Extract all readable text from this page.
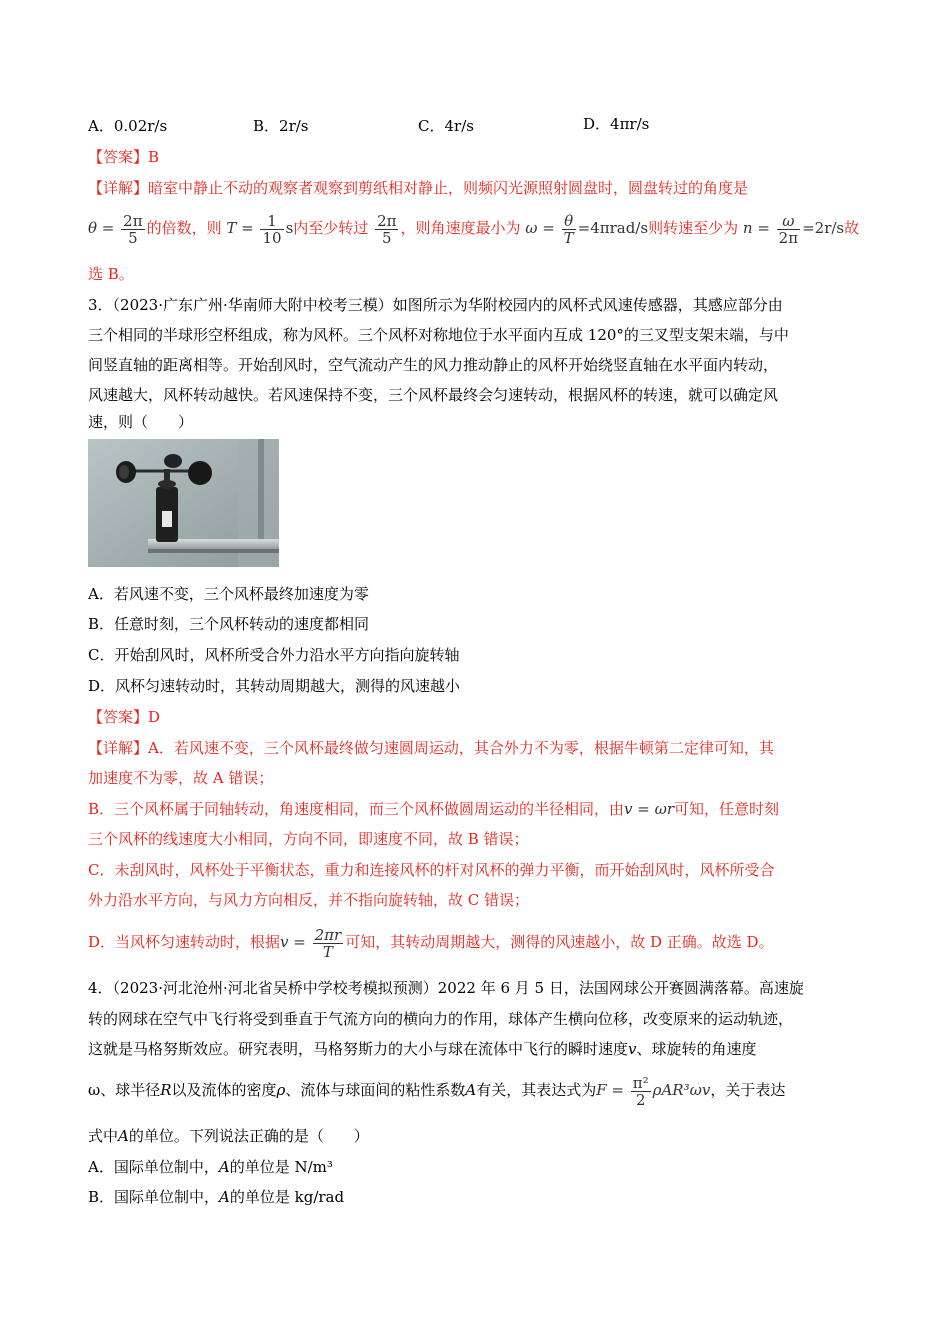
A．0.02r/s	B．2r/s	C．4r/s	D．4πr/s
【答案】B
【详解】暗室中静止不动的观察者观察到剪纸相对静止，则频闪光源照射圆盘时，圆盘转过的角度是
$\theta = \frac{2\pi}{5}$ 的倍数，则 $T = \frac{1}{10}$ s内至少转过 $\frac{2\pi}{5}$ ，则角速度最小为 $\omega = \frac{\theta}{T} =4\pi rad/s$则转速至少为 $n = \frac{\omega}{2\pi} =2r/s$故
选 B。
3．（2023·广东广州·华南师大附中校考三模）如图所示为华附校园内的风杯式风速传感器，其感应部分由
三个相同的半球形空杯组成，称为风杯。三个风杯对称地位于水平面内互成 120°的三叉型支架末端，与中
间竖直轴的距离相等。开始刮风时，空气流动产生的风力推动静止的风杯开始绕竖直轴在水平面内转动，
风速越大，风杯转动越快。若风速保持不变，三个风杯最终会匀速转动，根据风杯的转速，就可以确定风
速，则（　　）
A．若风速不变，三个风杯最终加速度为零
B．任意时刻，三个风杯转动的速度都相同
C．开始刮风时，风杯所受合外力沿水平方向指向旋转轴
D．风杯匀速转动时，其转动周期越大，测得的风速越小
【答案】D
【详解】A．若风速不变，三个风杯最终做匀速圆周运动，其合外力不为零，根据牛顿第二定律可知，其
加速度不为零，故 A 错误；
B．三个风杯属于同轴转动，角速度相同，而三个风杯做圆周运动的半径相同，由v = ωr可知，任意时刻
三个风杯的线速度大小相同，方向不同，即速度不同，故 B 错误；
C．未刮风时，风杯处于平衡状态，重力和连接风杯的杆对风杯的弹力平衡，而开始刮风时，风杯所受合
外力沿水平方向，与风力方向相反，并不指向旋转轴，故 C 错误；
D．当风杯匀速转动时，根据$v = \frac{2\pi r}{T}$ 可知，其转动周期越大，测得的风速越小，故 D 正确。故选 D。
4．（2023·河北沧州·河北省吴桥中学校考模拟预测）2022 年 6 月 5 日，法国网球公开赛圆满落幕。高速旋
转的网球在空气中飞行将受到垂直于气流方向的横向力的作用，球体产生横向位移，改变原来的运动轨迹，
这就是马格努斯效应。研究表明，马格努斯力的大小与球在流体中飞行的瞬时速度v、球旋转的角速度
ω、球半径R以及流体的密度ρ、流体与球面间的粘性系数A有关，其表达式为$F = \frac{\text{π²}}{2} \rho AR^3\omega v$，关于表达
式中A的单位。下列说法正确的是（　　）
A．国际单位制中，A的单位是 N/m³
B．国际单位制中，A的单位是 kg/rad
